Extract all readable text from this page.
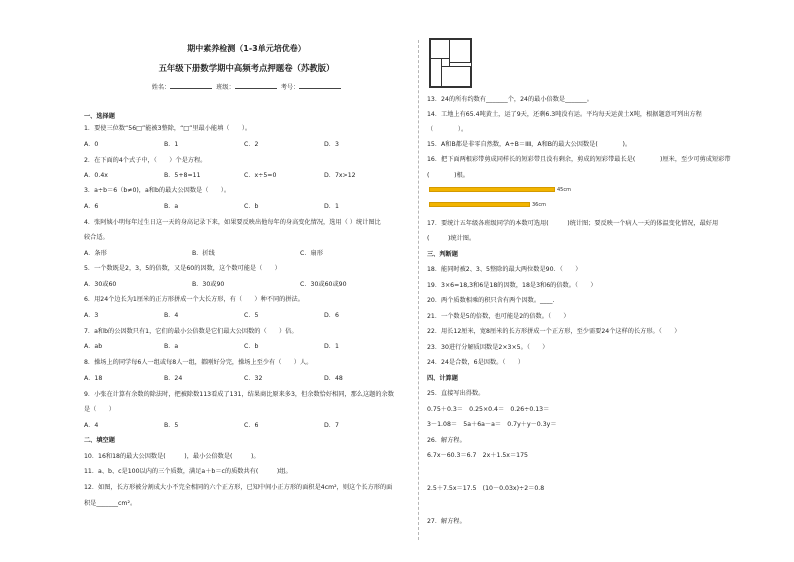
期中素养检测（1-3单元培优卷）
五年级下册数学期中高频考点押题卷（苏教版）
姓名：	班级：	考号：
一、选择题
1．要使三位数“56□”能被3整除，“□”里最小能填（　　）。
A．0	B．1	C．2	D．3
2．在下面的4个式子中，（　　）个是方程。
A．0.4x	B．5+8=11	C．x÷5=0	D．7x>12
3．a÷b＝6（b≠0)，a和b的最大公因数是（　　）。
A．6	B．a	C．b	D．1
4．张阿姨小明每年过生日这一天的身高记录下来，如果要反映出他每年的身高变化情况，选用（ ）统计图比
较合适。
A．条形	B．折线	C．扇形
5．一个数既是2，3，5的倍数，又是60的因数，这个数可能是（　　）
A．30或60	B．30或90	C．30或60或90
6．用24个边长为1厘米的正方形拼成一个大长方形，有（　　）种不同的拼法。
A．3	B．4	C．5	D．6
7．a和b的公因数只有1，它们的最小公倍数是它们最大公因数的（　　）倍。
A．ab	B．a	C．b	D．1
8．操场上的同学每6人一组或每8人一组，都刚好分完，操场上至少有（　　）人。
A．18	B．24	C．32	D．48
9．小张在计算有余数的除法时，把被除数113看成了131，结果商比原来多3，但余数恰好相同，那么这题的余数
是（　　）
A．4	B．5	C．6	D．7
二、填空题
10．16和18的最大公因数是(　　　)，最小公倍数是(　　　)。
11．a、b、c是100以内的三个质数，满足a＋b＝c的质数共有(　　　)组。
12．如图，长方形被分割成大小不完全相同的六个正方形，已知中间小正方形的面积是4cm²，则这个长方形的面
积是_______cm²。
13．24的所有约数有_______个，24的最小倍数是_______。
14．工地上有65.4吨黄土，运了9天，还剩6.3吨没有运。平均每天运黄土X吨，根据题意可列出方程
（　　　　）。
15．A和B都是非零自然数，A÷B＝ⅡⅡ，A和B的最大公因数是(　　　　)。
16．把下面两根彩带剪成同样长的短彩带且没有剩余，剪成的短彩带最长是(　　　　)厘米，至少可剪成短彩带
(　　　　)根。
45cm
36cm
17．要统计五年级各班级同学的本数可选用(　　　)统计图；要反映一个病人一天的体温变化情况，最好用
(　　　)统计图。
三、判断题
18．能同时被2、3、5整除的最大两位数是90．（　　）
19．3×6=18,3和6是18的因数，18是3和6的倍数。（　　）
20．两个质数相乘的积只含有两个因数。____.
21．一个数是5的倍数，也可能是2的倍数。（　　）
22．用长12厘米，宽8厘米的长方形拼成一个正方形，至少需要24个这样的长方形。（　　）
23．30进行分解质因数是2×3×5。（　　）
24．24是合数，6是因数。（　　）
四、计算题
25．直接写出得数。
0.75＋0.3＝　0.25×0.4＝　0.26÷0.13＝
3－1.08＝　5a＋6a－a＝　0.7y＋y－0.3y＝
26．解方程。
6.7x－60.3＝6.7　2x＋1.5x＝175
2.5＋7.5x＝17.5　(10－0.03x)÷2＝0.8
27．解方程。
